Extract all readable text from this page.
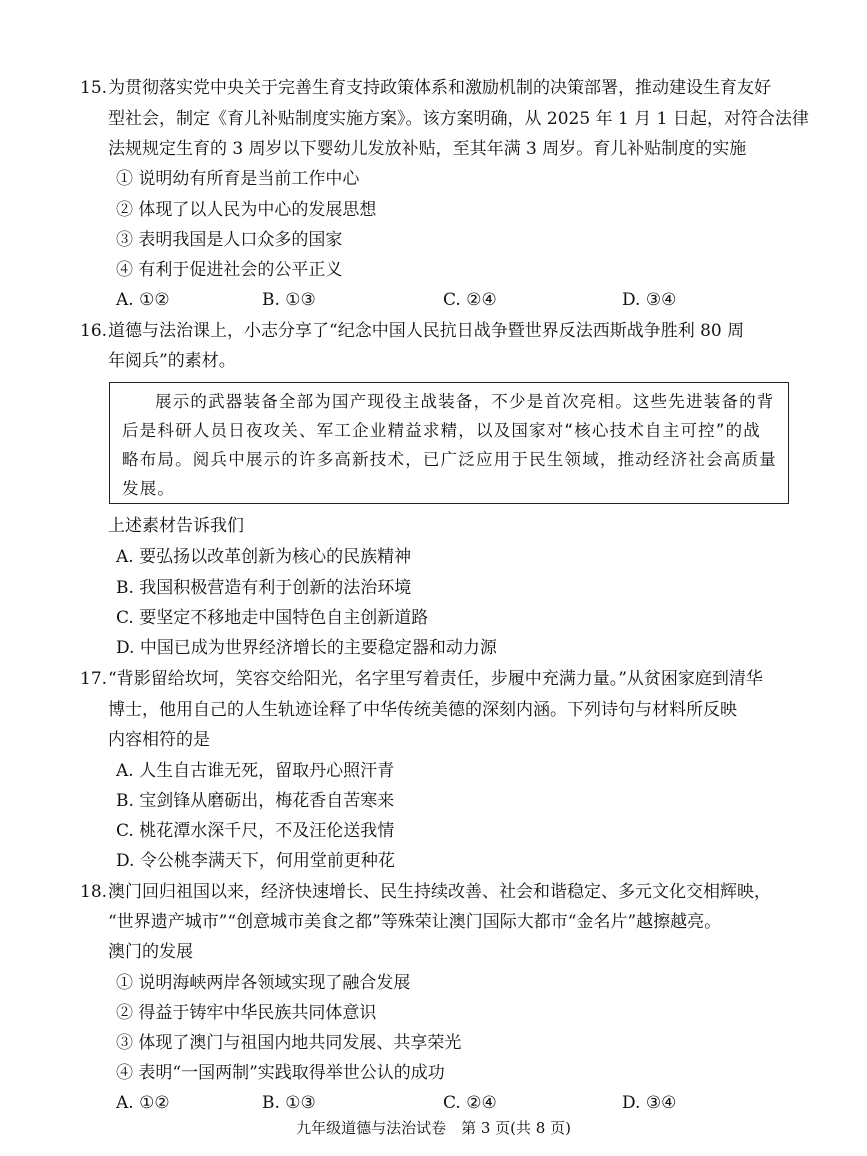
15. 为贯彻落实党中央关于完善生育支持政策体系和激励机制的决策部署，推动建设生育友好
型社会，制定《育儿补贴制度实施方案》。该方案明确，从 2025 年 1 月 1 日起，对符合法律
法规规定生育的 3 周岁以下婴幼儿发放补贴，至其年满 3 周岁。育儿补贴制度的实施
① 说明幼有所育是当前工作中心
② 体现了以人民为中心的发展思想
③ 表明我国是人口众多的国家
④ 有利于促进社会的公平正义
A. ①②	B. ①③	C. ②④	D. ③④
16. 道德与法治课上，小志分享了“纪念中国人民抗日战争暨世界反法西斯战争胜利 80 周
年阅兵”的素材。

展示的武器装备全部为国产现役主战装备，不少是首次亮相。这些先进装备的背后是科研人员日夜攻关、军工企业精益求精，以及国家对“核心技术自主可控”的战略布局。阅兵中展示的许多高新技术，已广泛应用于民生领域，推动经济社会高质量发展。

上述素材告诉我们
A. 要弘扬以改革创新为核心的民族精神
B. 我国积极营造有利于创新的法治环境
C. 要坚定不移地走中国特色自主创新道路
D. 中国已成为世界经济增长的主要稳定器和动力源
17. “背影留给坎坷，笑容交给阳光，名字里写着责任，步履中充满力量。”从贫困家庭到清华
博士，他用自己的人生轨迹诠释了中华传统美德的深刻内涵。下列诗句与材料所反映
内容相符的是
A. 人生自古谁无死，留取丹心照汗青
B. 宝剑锋从磨砺出，梅花香自苦寒来
C. 桃花潭水深千尺，不及汪伦送我情
D. 令公桃李满天下，何用堂前更种花
18. 澳门回归祖国以来，经济快速增长、民生持续改善、社会和谐稳定、多元文化交相辉映，
“世界遗产城市”“创意城市美食之都”等殊荣让澳门国际大都市“金名片”越擦越亮。
澳门的发展
① 说明海峡两岸各领域实现了融合发展
② 得益于铸牢中华民族共同体意识
③ 体现了澳门与祖国内地共同发展、共享荣光
④ 表明“一国两制”实践取得举世公认的成功
A. ①②	B. ①③	C. ②④	D. ③④
九年级道德与法治试卷　第 3 页(共 8 页)
